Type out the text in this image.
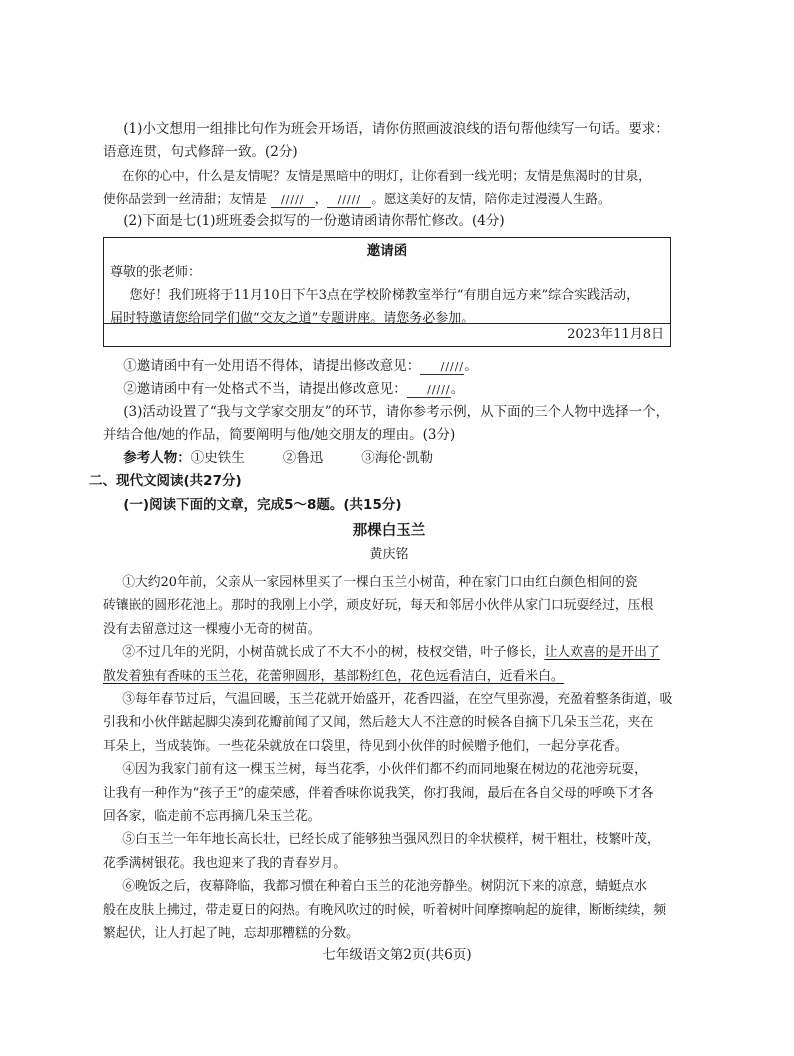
(1)小文想用一组排比句作为班会开场语，请你仿照画波浪线的语句帮他续写一句话。要求：

语意连贯，句式修辞一致。(2分)

在你的心中，什么是友情呢？友情是黑暗中的明灯，让你看到一线光明；友情是焦渴时的甘泉，

使你品尝到一丝清甜；友情是 ///// ， ///// 。愿这美好的友情，陪你走过漫漫人生路。

(2)下面是七(1)班班委会拟写的一份邀请函请你帮忙修改。(4分)

邀请函
尊敬的张老师：
您好！我们班将于11月10日下午3点在学校阶梯教室举行“有朋自远方来”综合实践活动，
届时特邀请您给同学们做“交友之道”专题讲座。请您务必参加。
2023年11月8日

①邀请函中有一处用语不得体，请提出修改意见： /////。

②邀请函中有一处格式不当，请提出修改意见： /////。

(3)活动设置了“我与文学家交朋友”的环节，请你参考示例，从下面的三个人物中选择一个，

并结合他/她的作品，简要阐明与他/她交朋友的理由。(3分)

参考人物：①史铁生	②鲁迅	③海伦·凯勒

二、现代文阅读(共27分)

(一)阅读下面的文章，完成5～8题。(共15分)

那棵白玉兰

黄庆铭

①大约20年前，父亲从一家园林里买了一棵白玉兰小树苗，种在家门口由红白颜色相间的瓷

砖镶嵌的圆形花池上。那时的我刚上小学，顽皮好玩，每天和邻居小伙伴从家门口玩耍经过，压根

没有去留意过这一棵瘦小无奇的树苗。

②不过几年的光阴，小树苗就长成了不大不小的树，枝杈交错，叶子修长，让人欢喜的是开出了

散发着独有香味的玉兰花，花蕾卵圆形，基部粉红色，花色远看洁白，近看米白。

③每年春节过后，气温回暖，玉兰花就开始盛开，花香四溢，在空气里弥漫，充盈着整条街道，吸

引我和小伙伴踮起脚尖凑到花瓣前闻了又闻，然后趁大人不注意的时候各自摘下几朵玉兰花，夹在

耳朵上，当成装饰。一些花朵就放在口袋里，待见到小伙伴的时候赠予他们，一起分享花香。

④因为我家门前有这一棵玉兰树，每当花季，小伙伴们都不约而同地聚在树边的花池旁玩耍，

让我有一种作为“孩子王”的虚荣感，伴着香味你说我笑，你打我闹，最后在各自父母的呼唤下才各

回各家，临走前不忘再摘几朵玉兰花。

⑤白玉兰一年年地长高长壮，已经长成了能够独当强风烈日的伞状模样，树干粗壮，枝繁叶茂，

花季满树银花。我也迎来了我的青春岁月。

⑥晚饭之后，夜幕降临，我都习惯在种着白玉兰的花池旁静坐。树阴沉下来的凉意，蜻蜓点水

般在皮肤上拂过，带走夏日的闷热。有晚风吹过的时候，听着树叶间摩擦响起的旋律，断断续续，频

繁起伏，让人打起了盹，忘却那糟糕的分数。

七年级语文第2页(共6页)
